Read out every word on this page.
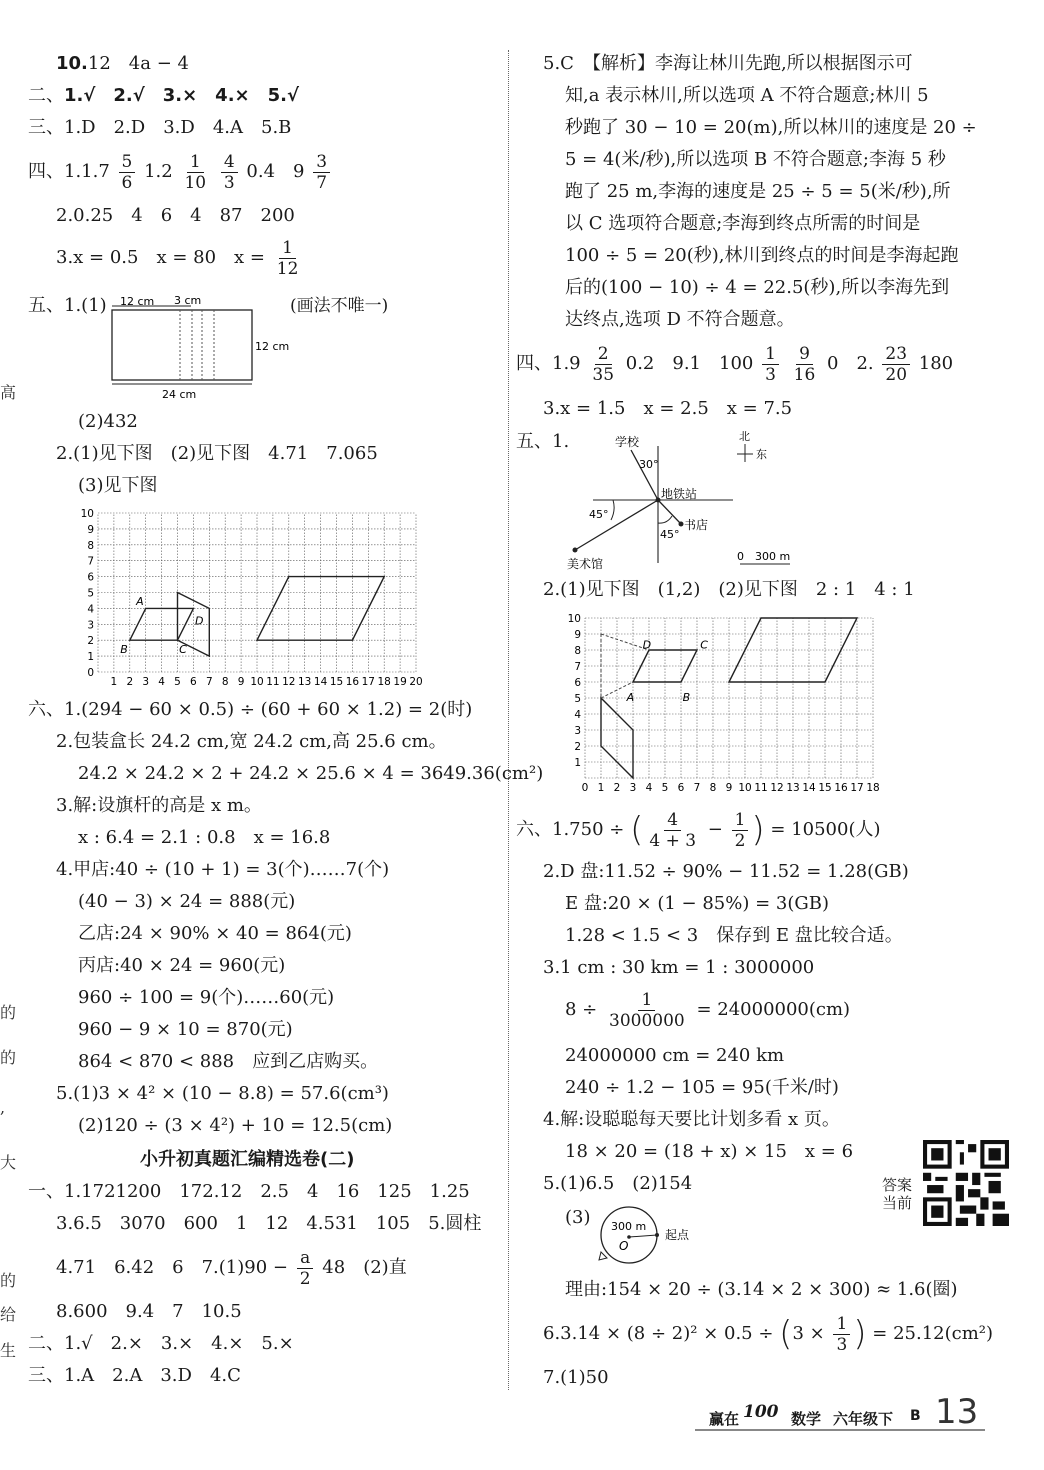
高
的
的
,
大
的
给
生
10.12　4a − 4
二、1.√　2.√　3.×　4.×　5.√
三、1.D　2.D　3.D　4.A　5.B
四、$1.1.7 \frac{5}{6} 1.2 \frac{1}{10}$
$\frac{4}{3} 0.4$　$9 \frac{3}{7}$
2.0.25　4　6　4　87　200
3.x = 0.5　x = 80　$x = \frac{1}{12}$
五、1.(1)	(画法不唯一)
12 cm 3 cm
12 cm
24 cm
(2)432
2.(1)见下图　(2)见下图　4.71　7.065
(3)见下图
1 2 3 4 5 6 7 8 9 10 11 12 13 14 15 16 17 18 19 20
0
1
2
3
4
5
6
7
8
9
10
A
B	C
D
六、1.(294 − 60 × 0.5) ÷ (60 + 60 × 1.2) = 2(时)
2.包装盒长 24.2 cm,宽 24.2 cm,高 25.6 cm。
24.2 × 24.2 × 2 + 24.2 × 25.6 × 4 = 3649.36(cm²)
3.解:设旗杆的高是 x m。
x : 6.4 = 2.1 : 0.8　x = 16.8
4.甲店:40 ÷ (10 + 1) = 3(个)……7(个)
(40 − 3) × 24 = 888(元)
乙店:24 × 90% × 40 = 864(元)
丙店:40 × 24 = 960(元)
960 ÷ 100 = 9(个)……60(元)
960 − 9 × 10 = 870(元)
864 < 870 < 888　应到乙店购买。
5.(1)3 × 4² × (10 − 8.8) = 57.6(cm³)
(2)120 ÷ (3 × 4²) + 10 = 12.5(cm)
小升初真题汇编精选卷(二)
一、1.1721200　172.12　2.5　4　16　125　1.25
3.6.5　3070　600　1　12　4.531　105　5.圆柱
4.71　6.42　6　$7.(1)90 - \frac{a}{2} 48$　(2)直
8.600　9.4　7　10.5
二、1.√　2.×　3.×　4.×　5.×
三、1.A　2.A　3.D　4.C
5.C　【解析】李海让林川先跑,所以根据图示可
知,a 表示林川,所以选项 A 不符合题意;林川 5
秒跑了 30 − 10 = 20(m),所以林川的速度是 20 ÷
5 = 4(米/秒),所以选项 B 不符合题意;李海 5 秒
跑了 25 m,李海的速度是 25 ÷ 5 = 5(米/秒),所
以 C 选项符合题意;李海到终点所需的时间是
100 ÷ 5 = 20(秒),林川到终点的时间是李海起跑
后的(100 − 10) ÷ 4 = 22.5(秒),所以李海先到
达终点,选项 D 不符合题意。
四、$1.9 \frac{2}{35} 0.2$　9.1　$100 \frac{1}{3}$
$\frac{9}{16} 0$　2. $\frac{23}{20} 180$
3.x = 1.5　x = 2.5　x = 7.5
五、1.	学校
30°
地铁站
45°
书店
45°
美术馆
北
东
0　300 m
2.(1)见下图　(1,2)　(2)见下图　2 : 1　4 : 1
0 1 2 3 4 5 6 7 8 9 10 11 12 13 14 15 16 17 18
1
2
3
4
5
6
7
8
9
10
D	C
A	B
六、1.750 ÷ ( $\frac{4}{4 + 3} - \frac{1}{2}$ ) = 10500(人)
2.D 盘:11.52 ÷ 90% − 11.52 = 1.28(GB)
E 盘:20 × (1 − 85%) = 3(GB)
1.28 < 1.5 < 3　保存到 E 盘比较合适。
3.1 cm : 30 km = 1 : 3000000
$8 \div \frac{1}{3000000} = 24000000(cm)$
24000000 cm = 240 km
240 ÷ 1.2 − 105 = 95(千米/时)
4.解:设聪聪每天要比计划多看 x 页。
18 × 20 = (18 + x) × 15　x = 6
5.(1)6.5　(2)154
(3) 300 m
O
起点
理由:154 × 20 ÷ (3.14 × 2 × 300) ≈ 1.6(圈)
$6.3.14 \times (8 \div 2)^2 \times 0.5 \div (3 \times \frac{1}{3}$ ) = 25.12(cm²)
7.(1)50
答案
当前
赢在 100 数学 六年级下 B 13
